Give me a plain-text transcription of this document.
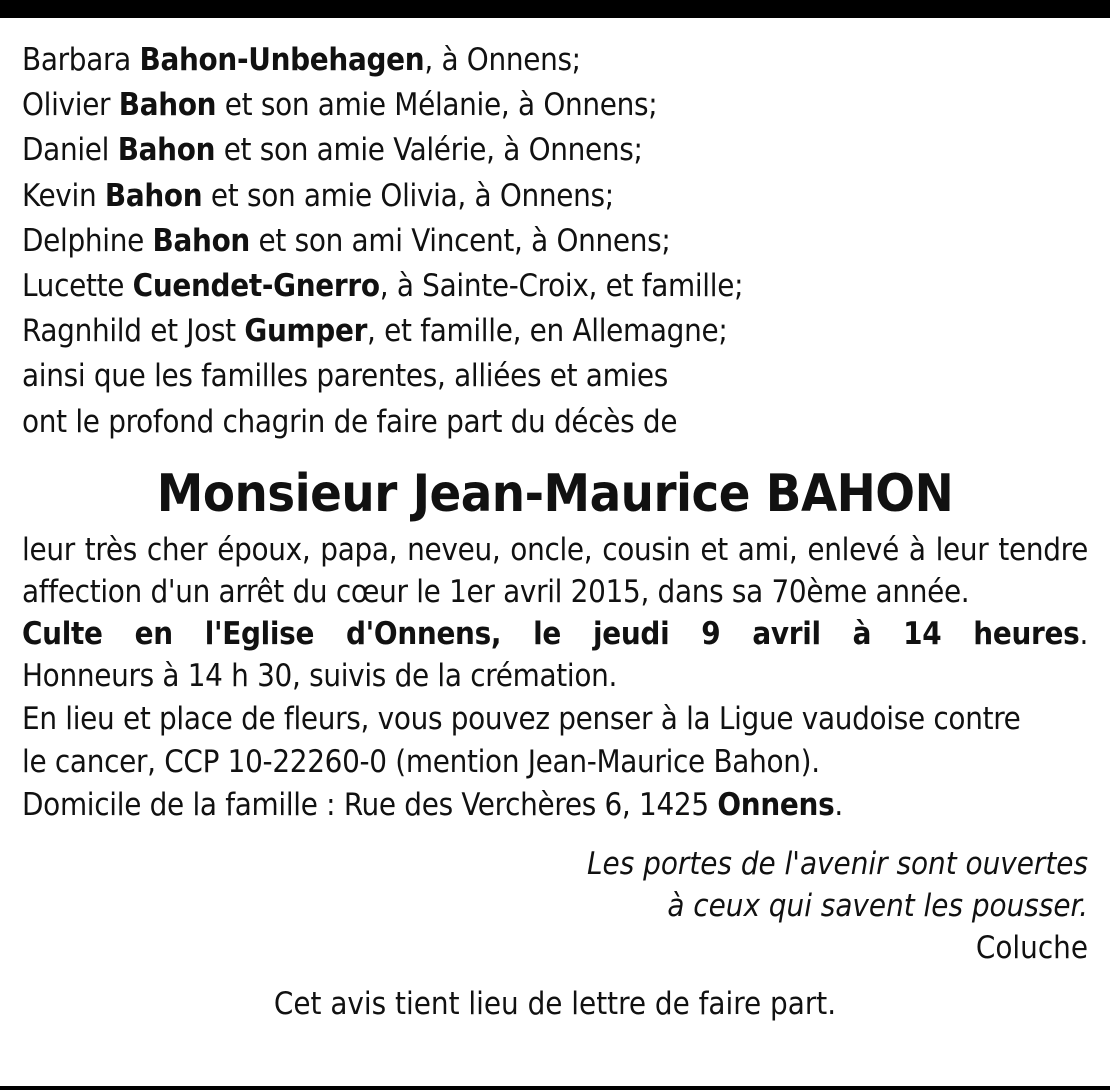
Barbara Bahon-Unbehagen, à Onnens;
Olivier Bahon et son amie Mélanie, à Onnens;
Daniel Bahon et son amie Valérie, à Onnens;
Kevin Bahon et son amie Olivia, à Onnens;
Delphine Bahon et son ami Vincent, à Onnens;
Lucette Cuendet-Gnerro, à Sainte-Croix, et famille;
Ragnhild et Jost Gumper, et famille, en Allemagne;
ainsi que les familles parentes, alliées et amies
ont le profond chagrin de faire part du décès de
Monsieur Jean-Maurice BAHON
leur très cher époux, papa, neveu, oncle, cousin et ami, enlevé à leur tendre affection d'un arrêt du cœur le 1er avril 2015, dans sa 70ème année.
Culte en l'Eglise d'Onnens, le jeudi 9 avril à 14 heures.
Honneurs à 14 h 30, suivis de la crémation.
En lieu et place de fleurs, vous pouvez penser à la Ligue vaudoise contre
le cancer, CCP 10-22260-0 (mention Jean-Maurice Bahon).
Domicile de la famille : Rue des Verchères 6, 1425 Onnens.
Les portes de l'avenir sont ouvertes
à ceux qui savent les pousser.
Coluche
Cet avis tient lieu de lettre de faire part.
